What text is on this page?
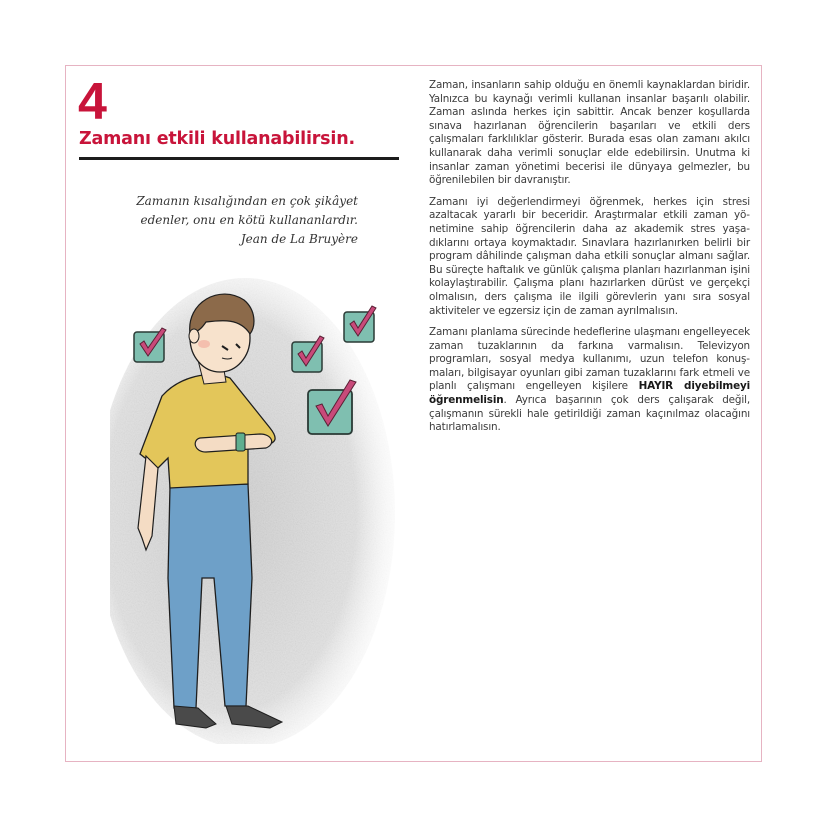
4
Zamanı etkili kullanabilirsin.
Zamanın kısalığından en çok şikâyet
edenler, onu en kötü kullananlardır.

Jean de La Bruyère

Zaman, insanların sahip olduğu en önemli kaynaklardan biridir. Yalnızca bu kaynağı verimli kullanan insanlar başarılı olabilir. Zaman aslında herkes için sabittir. Ancak benzer koşullarda sınava hazırlanan öğrencilerin başarıları ve etkili ders çalışmaları farklılıklar gösterir. Burada esas olan zamanı akılcı kullanarak daha verimli sonuçlar elde edebilirsin. Unutma ki insanlar zaman yönetimi becerisi ile dünyaya gelmezler, bu öğrenilebilen bir davranıştır.

Zamanı iyi değerlendirmeyi öğrenmek, herkes için stresi azaltacak yararlı bir beceridir. Araştırmalar etkili zaman yönetimine sahip öğrencilerin daha az akademik stres yaşadıklarını ortaya koymaktadır. Sınavlara hazırlanırken belirli bir program dâhilinde çalışman daha etkili sonuçlar almanı sağlar. Bu süreçte haftalık ve günlük çalışma planları hazırlanman işini kolaylaştırabilir. Çalışma planı hazırlarken dürüst ve gerçekçi olmalısın, ders çalışma ile ilgili görevlerin yanı sıra sosyal aktiviteler ve egzersiz için de zaman ayrılmalısın.

Zamanı planlama sürecinde hedeflerine ulaşmanı engelleyecek zaman tuzaklarının da farkına varmalısın. Televizyon programları, sosyal medya kullanımı, uzun telefon konuşmaları, bilgisayar oyunları gibi zaman tuzaklarını fark etmeli ve planlı çalışmanı engelleyen kişilere HAYIR diyebilmeyi öğrenmelisin. Ayrıca başarının çok ders çalışarak değil, çalışmanın sürekli hale getirildiği zaman kaçınılmaz olacağını hatırlamalısın.
